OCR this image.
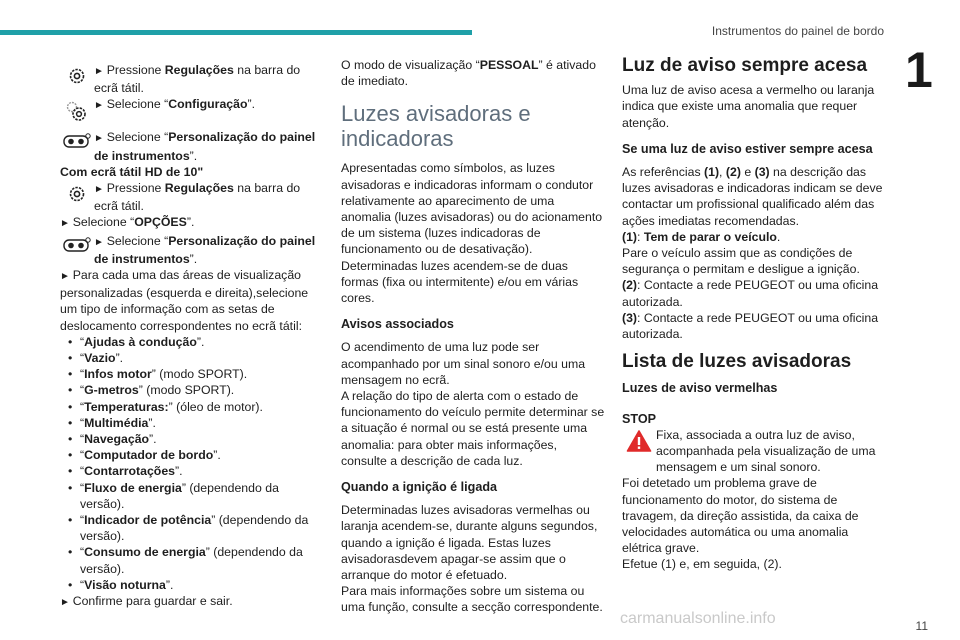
Instrumentos do painel de bordo
1
► Pressione Regulações na barra do ecrã tátil.
► Selecione “Configuração”.
► Selecione “Personalização do painel de instrumentos”.

Com ecrã tátil HD de 10"

► Pressione Regulações na barra do ecrã tátil.

► Selecione “OPÇÕES”.

► Selecione “Personalização do painel de instrumentos”.

► Para cada uma das áreas de visualização personalizadas (esquerda e direita),selecione um tipo de informação com as setas de deslocamento correspondentes no ecrã tátil:

• “Ajudas à condução”.
• “Vazio”.
• “Infos motor” (modo SPORT).
• “G-metros” (modo SPORT).
• “Temperaturas:” (óleo de motor).
• “Multimédia”.
• “Navegação”.
• “Computador de bordo”.
• “Contarrotações”.
• “Fluxo de energia” (dependendo da versão).
• “Indicador de potência” (dependendo da versão).
• “Consumo de energia” (dependendo da versão).
• “Visão noturna”.

► Confirme para guardar e sair.

O modo de visualização “PESSOAL” é ativado de imediato.

Luzes avisadoras e indicadoras

Apresentadas como símbolos, as luzes avisadoras e indicadoras informam o condutor relativamente ao aparecimento de uma anomalia (luzes avisadoras) ou do acionamento de um sistema (luzes indicadoras de funcionamento ou de desativação). Determinadas luzes acendem-se de duas formas (fixa ou intermitente) e/ou em várias cores.

Avisos associados

O acendimento de uma luz pode ser acompanhado por um sinal sonoro e/ou uma mensagem no ecrã.

A relação do tipo de alerta com o estado de funcionamento do veículo permite determinar se a situação é normal ou se está presente uma anomalia: para obter mais informações, consulte a descrição de cada luz.

Quando a ignição é ligada

Determinadas luzes avisadoras vermelhas ou laranja acendem-se, durante alguns segundos, quando a ignição é ligada. Estas luzes avisadorasdevem apagar-se assim que o arranque do motor é efetuado.

Para mais informações sobre um sistema ou uma função, consulte a secção correspondente.

Luz de aviso sempre acesa

Uma luz de aviso acesa a vermelho ou laranja indica que existe uma anomalia que requer atenção.

Se uma luz de aviso estiver sempre acesa

As referências (1), (2) e (3) na descrição das luzes avisadoras e indicadoras indicam se deve contactar um profissional qualificado além das ações imediatas recomendadas.

(1): Tem de parar o veículo.

Pare o veículo assim que as condições de segurança o permitam e desligue a ignição.

(2): Contacte a rede PEUGEOT ou uma oficina autorizada.

(3): Contacte a rede PEUGEOT ou uma oficina autorizada.

Lista de luzes avisadoras
Luzes de aviso vermelhas
STOP
Fixa, associada a outra luz de aviso, acompanhada pela visualização de uma mensagem e um sinal sonoro.

Foi detetado um problema grave de funcionamento do motor, do sistema de travagem, da direção assistida, da caixa de velocidades automática ou uma anomalia elétrica grave.

Efetue (1) e, em seguida, (2).

11
carmanualsonline.info
